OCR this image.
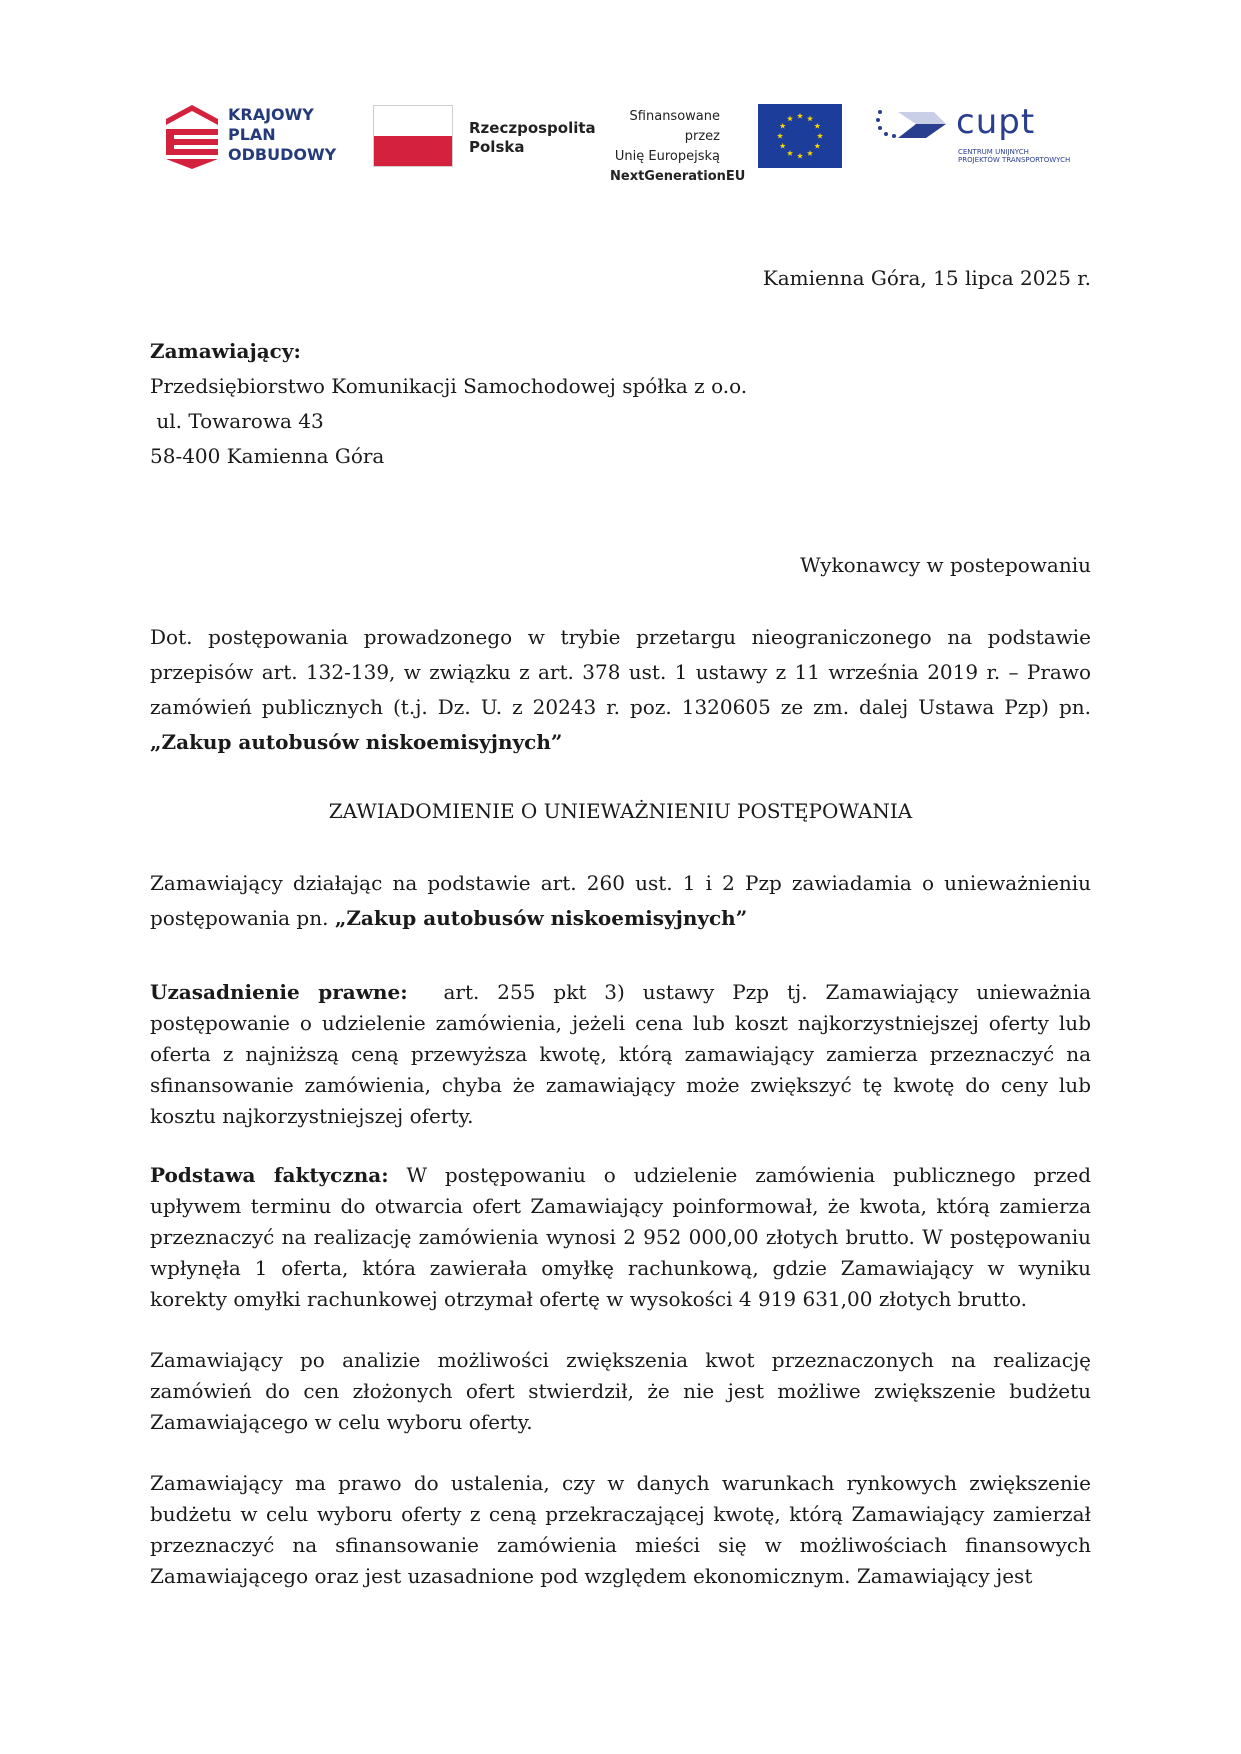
KRAJOWY
PLAN
ODBUDOWY
Rzeczpospolita
Polska
Sfinansowane przez
Unię Europejską
NextGenerationEU
cupt
CENTRUM UNIJNYCH
PROJEKTÓW TRANSPORTOWYCH

Kamienna Góra, 15 lipca 2025 r.

Zamawiający:
Przedsiębiorstwo Komunikacji Samochodowej spółka z o.o.
ul. Towarowa 43
58-400 Kamienna Góra

Wykonawcy w postepowaniu

Dot. postępowania prowadzonego w trybie przetargu nieograniczonego na podstawie przepisów art. 132-139, w związku z art. 378 ust. 1 ustawy z 11 września 2019 r. – Prawo zamówień publicznych (t.j. Dz. U. z 20243 r. poz. 1320605 ze zm. dalej Ustawa Pzp) pn. „Zakup autobusów niskoemisyjnych”

ZAWIADOMIENIE O UNIEWAŻNIENIU POSTĘPOWANIA

Zamawiający działając na podstawie art. 260 ust. 1 i 2 Pzp zawiadamia o unieważnieniu postępowania pn. „Zakup autobusów niskoemisyjnych”

Uzasadnienie prawne:  art. 255 pkt 3) ustawy Pzp tj. Zamawiający unieważnia postępowanie o udzielenie zamówienia, jeżeli cena lub koszt najkorzystniejszej oferty lub oferta z najniższą ceną przewyższa kwotę, którą zamawiający zamierza przeznaczyć na sfinansowanie zamówienia, chyba że zamawiający może zwiększyć tę kwotę do ceny lub kosztu najkorzystniejszej oferty.

Podstawa faktyczna: W postępowaniu o udzielenie zamówienia publicznego przed upływem terminu do otwarcia ofert Zamawiający poinformował, że kwota, którą zamierza przeznaczyć na realizację zamówienia wynosi 2 952 000,00 złotych brutto. W postępowaniu wpłynęła 1 oferta, która zawierała omyłkę rachunkową, gdzie Zamawiający w wyniku korekty omyłki rachunkowej otrzymał ofertę w wysokości 4 919 631,00 złotych brutto.

Zamawiający po analizie możliwości zwiększenia kwot przeznaczonych na realizację zamówień do cen złożonych ofert stwierdził, że nie jest możliwe zwiększenie budżetu Zamawiającego w celu wyboru oferty.

Zamawiający ma prawo do ustalenia, czy w danych warunkach rynkowych zwiększenie budżetu w celu wyboru oferty z ceną przekraczającej kwotę, którą Zamawiający zamierzał przeznaczyć na sfinansowanie zamówienia mieści się w możliwościach finansowych Zamawiającego oraz jest uzasadnione pod względem ekonomicznym. Zamawiający jest
